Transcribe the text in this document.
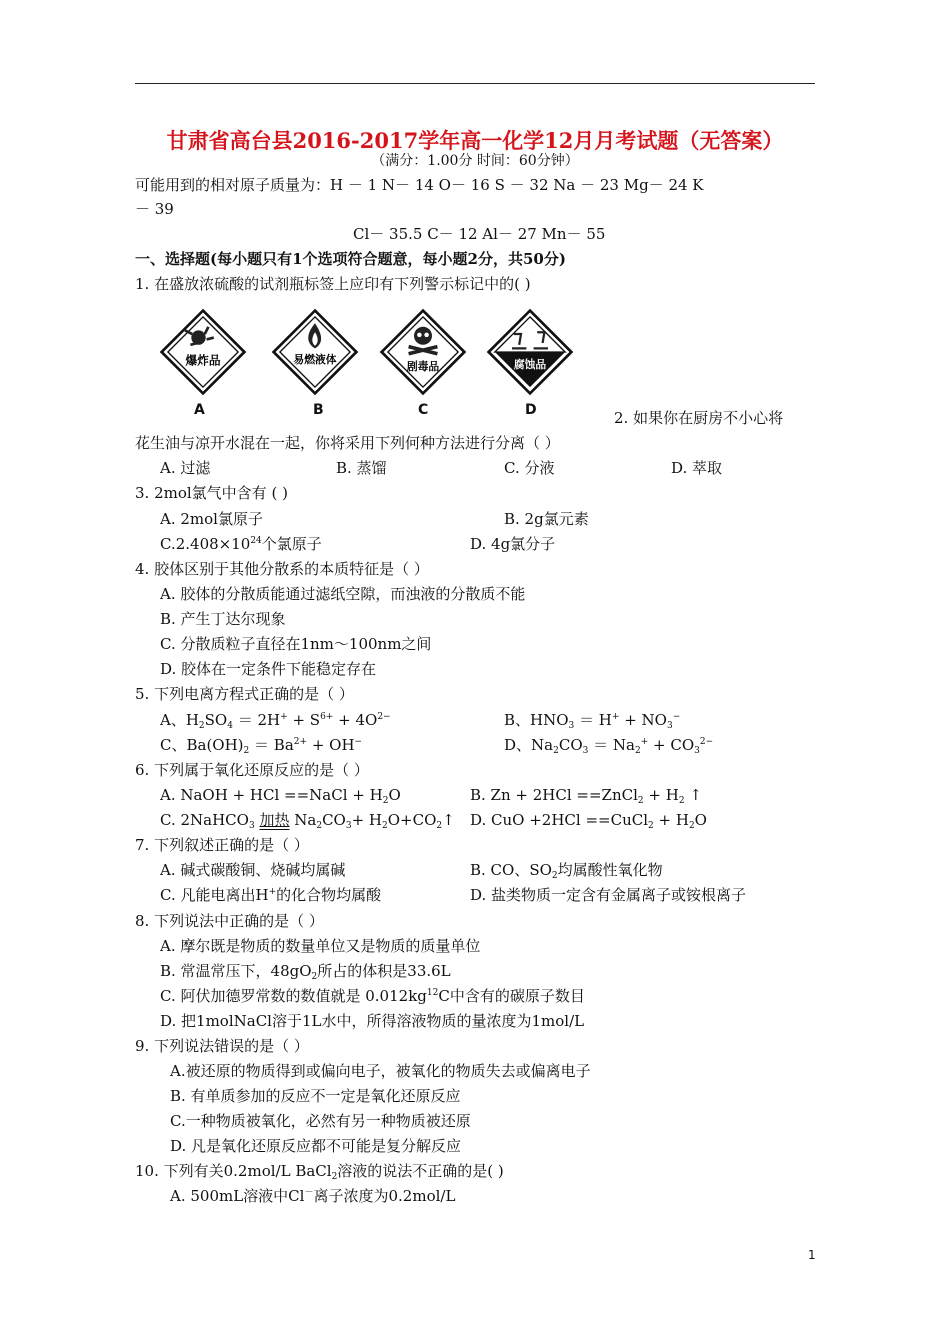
甘肃省高台县2016-2017学年高一化学12月月考试题（无答案）
（满分：1.00分 时间：60分钟）
可能用到的相对原子质量为：H － 1 N－ 14 O－ 16 S － 32 Na － 23 Mg－ 24 K
－ 39
Cl－ 35.5 C－ 12 Al－ 27 Mn－ 55
一、选择题(每小题只有1个选项符合题意，每小题2分，共50分)
1. 在盛放浓硫酸的试剂瓶标签上应印有下列警示标记中的( )
爆炸品	易燃液体
剧毒品	腐蚀品
A	B	C	D	2. 如果你在厨房不小心将
花生油与凉开水混在一起，你将采用下列何种方法进行分离（ ）
A. 过滤	B. 蒸馏	C. 分液	D. 萃取
3. 2mol氯气中含有 ( )
A. 2mol氯原子	B. 2g氯元素
$C.2.408\times 10^{24}$个氯原子	D. 4g氯分子
4. 胶体区别于其他分散系的本质特征是（ ）
A. 胶体的分散质能通过滤纸空隙，而浊液的分散质不能
B. 产生丁达尔现象
C. 分散质粒子直径在1nm～100nm之间
D. 胶体在一定条件下能稳定存在
5. 下列电离方程式正确的是（ ）
A、$H_2SO_4 = 2H^+ + S^{6+} + 4O^{2-}$	B、$HNO_3 = H^+ + NO_3^-$
C、$Ba(OH)_2 = Ba^{2+} + OH^-$	D、$Na_2CO_3 = Na_2^+ + CO_3^{2-}$
6. 下列属于氧化还原反应的是（ ）
A. NaOH + HCl ==NaCl + $H_2O$	B. Zn + 2HCl ==ZnCl$_2$ + $H_2$ ↑
C. 2NaHCO$_3$ 加热 $Na_2CO_3+$ $H_2O+CO_2↑$ D. CuO +2HCl ==CuCl$_2$ + $H_2O$
7. 下列叙述正确的是（ ）
A. 碱式碳酸铜、烧碱均属碱	B. CO、$SO_2$均属酸性氧化物
C. 凡能电离出H+的化合物均属酸	D. 盐类物质一定含有金属离子或铵根离子
8. 下列说法中正确的是（ ）
A. 摩尔既是物质的数量单位又是物质的质量单位
B. 常温常压下，$48gO_2$所占的体积是33.6L
C. 阿伏加德罗常数的数值就是 $0.012kg^{12}C$中含有的碳原子数目
D. 把1molNaCl溶于1L水中，所得溶液物质的量浓度为1mol/L
9. 下列说法错误的是（ ）
A.被还原的物质得到或偏向电子，被氧化的物质失去或偏离电子
B. 有单质参加的反应不一定是氧化还原反应
C.一种物质被氧化，必然有另一种物质被还原
D. 凡是氧化还原反应都不可能是复分解反应
10. 下列有关0.2mol/L BaCl$_2$溶液的说法不正确的是( )
A. 500mL溶液中Cl－离子浓度为0.2mol/L
1
